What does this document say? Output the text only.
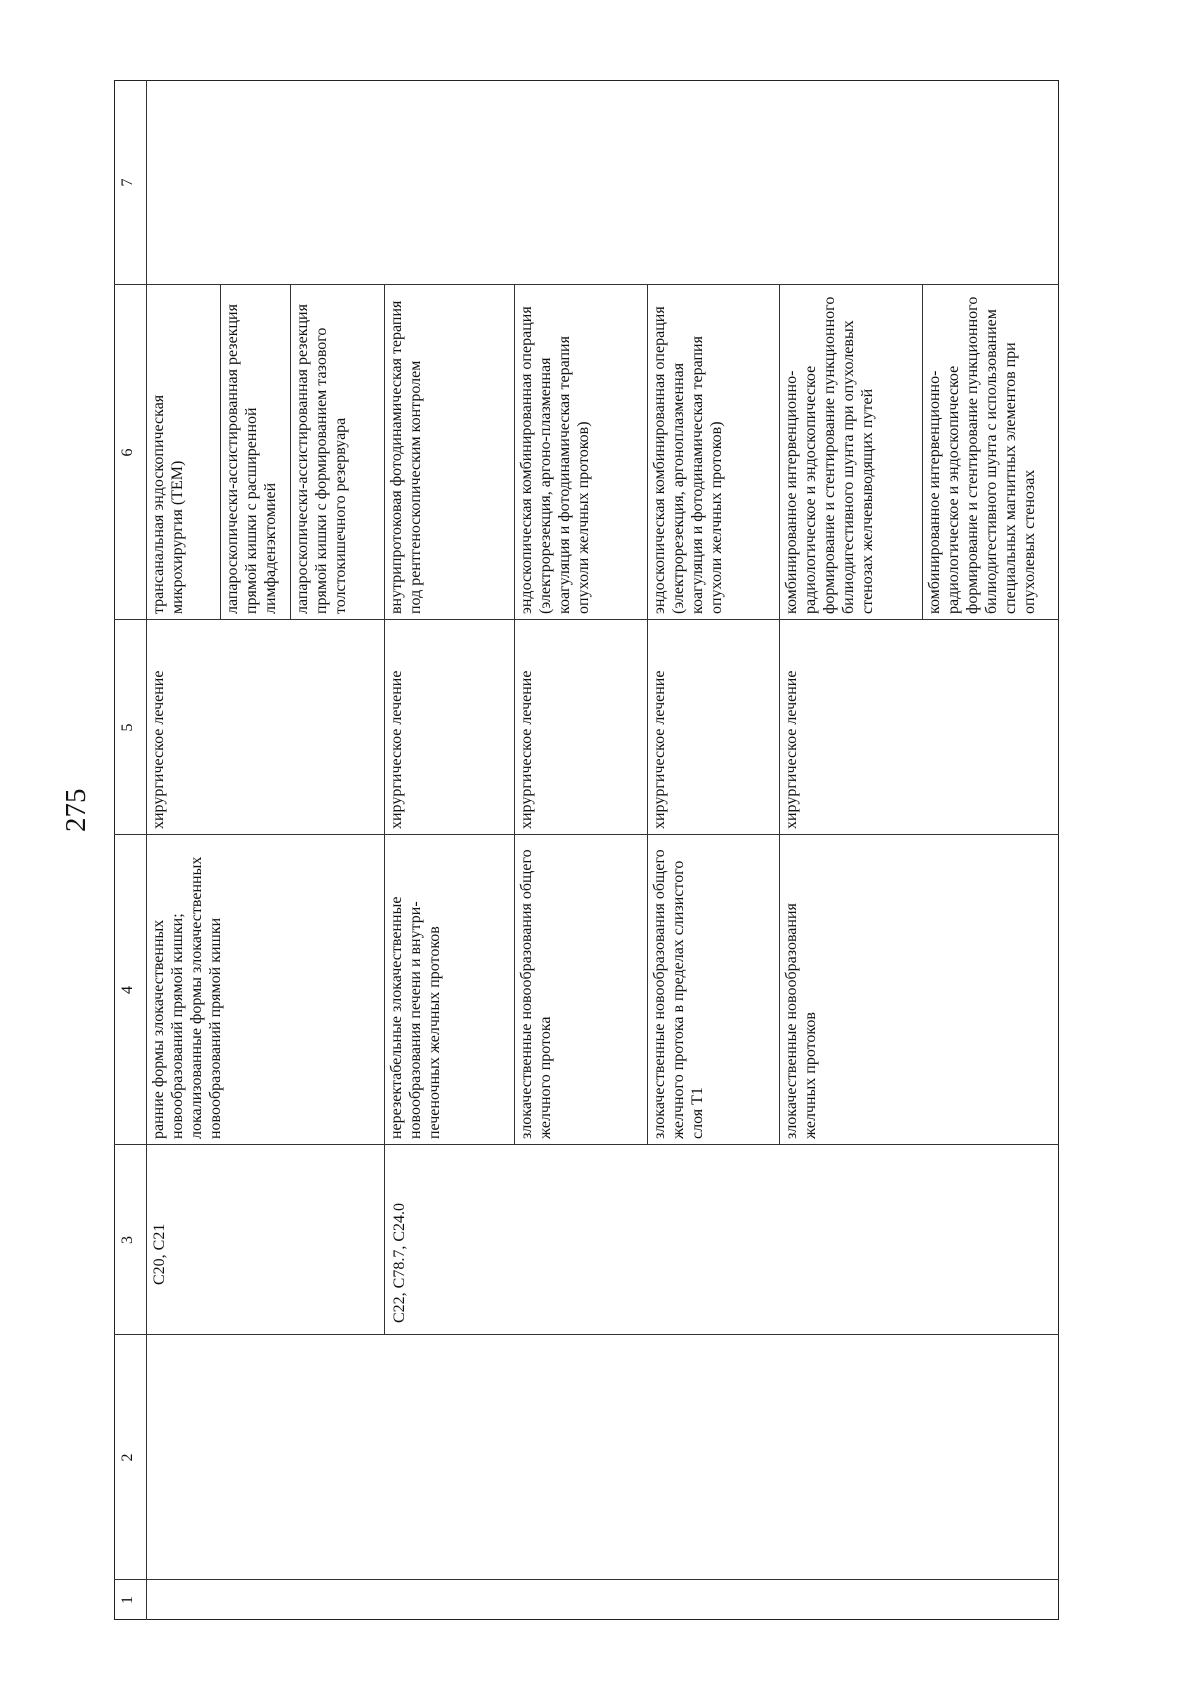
275
1
2
3
4
5
6
7
C20, C21
ранние формы злокачественных новообразований прямой кишки; локализованные формы злокачественных новообразований прямой кишки
хирургическое лечение
трансанальная эндоскопическая микрохирургия (ТЕМ)	лапароскопически-ассистированная резекция прямой кишки с расширенной лимфаденэктомией лапароскопически-ассистированная резекция прямой кишки с формированием тазового толстокишечного резервуара
C22, C78.7, C24.0
нерезектабельные злокачественные новообразования печени и внутри-печеночных желчных протоков
хирургическое лечение
внутрипротоковая фотодинамическая терапия под рентгеноскопическим контролем
злокачественные новообразования общего желчного протока
хирургическое лечение
эндоскопическая комбинированная операция (электрорезекция, аргоно-плазменная коагуляция и фотодинамическая терапия опухоли желчных протоков)
злокачественные новообразования общего желчного протока в пределах слизистого слоя T1
хирургическое лечение
эндоскопическая комбинированная операция (электрорезекция, аргоноплазменная коагуляция и фотодинамическая терапия опухоли желчных протоков)
злокачественные новообразования желчных протоков
хирургическое лечение
комбинированное интервенционно-радиологическое и эндоскопическое формирование и стентирование пункционного билиодигестивного шунта при опухолевых стенозах желчевыводящих путей	комбинированное интервенционно-радиологическое и эндоскопическое формирование и стентирование пункционного билиодигестивного шунта с использованием специальных магнитных элементов при опухолевых стенозах
